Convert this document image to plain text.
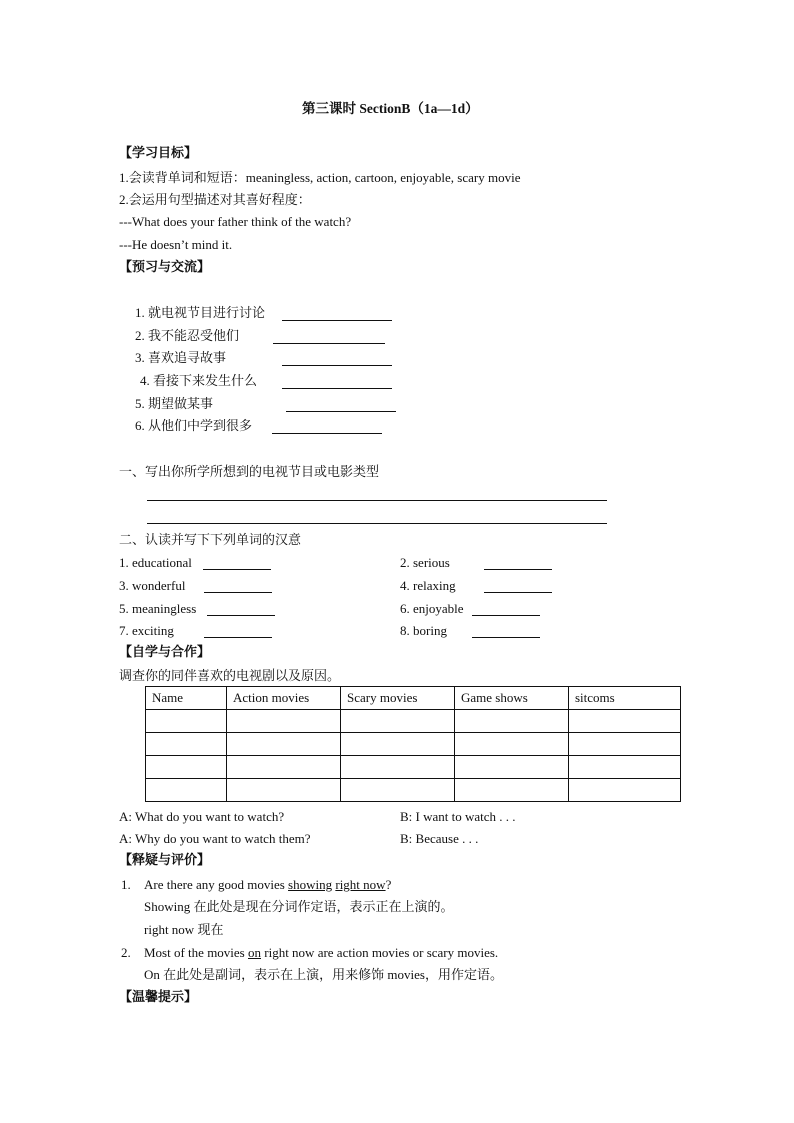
第三课时 SectionB（1a—1d）
【学习目标】
1.会读背单词和短语：meaningless, action, cartoon, enjoyable, scary movie
2.会运用句型描述对其喜好程度：
---What does your father think of the watch?
---He doesn’t mind it.
【预习与交流】
1. 就电视节目进行讨论
2. 我不能忍受他们
3. 喜欢追寻故事
4. 看接下来发生什么
5. 期望做某事
6. 从他们中学到很多
一、写出你所学所想到的电视节目或电影类型
二、认读并写下下列单词的汉意
1. educational	2. serious
3. wonderful	4. relaxing
5. meaningless	6. enjoyable
7. exciting	8. boring
【自学与合作】
调查你的同伴喜欢的电视剧以及原因。
Name	Action movies	Scary movies	Game shows	sitcoms

A: What do you want to watch?	B: I want to watch . . .
A: Why do you want to watch them?	B: Because . . .
【释疑与评价】
1. Are there any good movies showing right now?
Showing 在此处是现在分词作定语，表示正在上演的。
right now 现在
2. Most of the movies on right now are action movies or scary movies.
On 在此处是副词，表示在上演，用来修饰 movies，用作定语。
【温馨提示】
